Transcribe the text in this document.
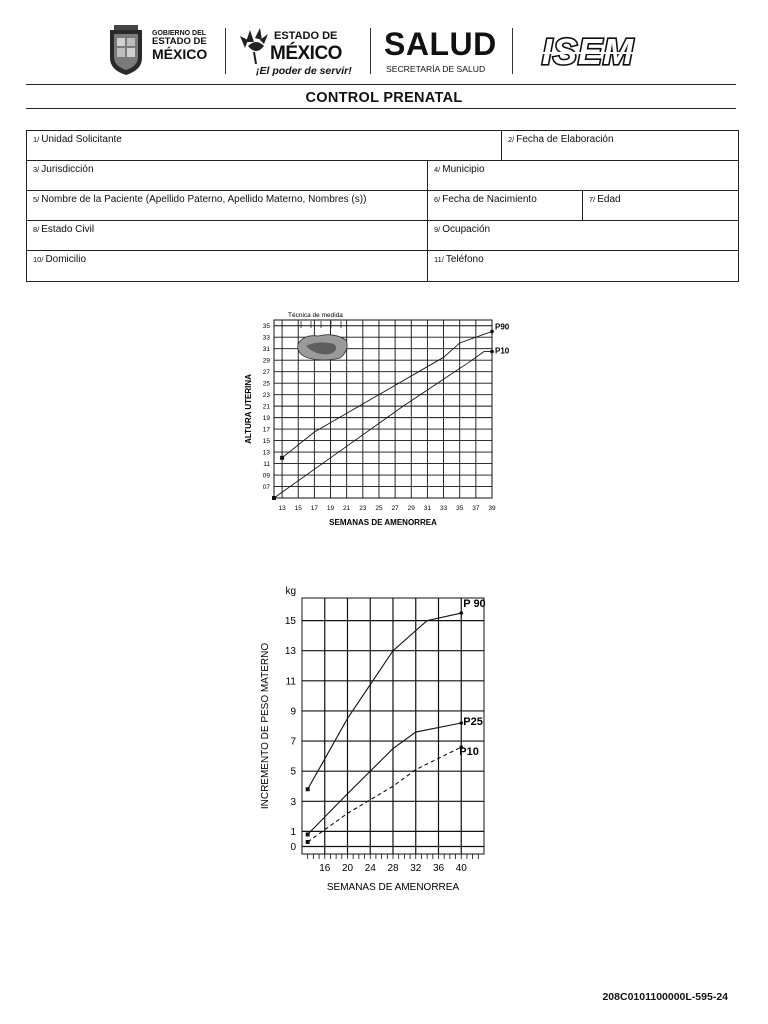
GOBIERNO DEL
ESTADO DE
MÉXICO
ESTADO DE
MÉXICO
¡El poder de servir!
SALUD
SECRETARÍA DE SALUD ISEM
CONTROL PRENATAL
1/ Unidad Solicitante	2/ Fecha de Elaboración
3/ Jurisdicción	4/ Municipio
5/ Nombre de la Paciente (Apellido Paterno, Apellido Materno, Nombres (s))	6/ Fecha de Nacimiento	7/ Edad
8/ Estado Civil	9/ Ocupación
10/ Domicilio	11/ Teléfono
13 15 17 19 21 23 25 27 29 31 33 35 37 39
07
09
11
13
15
17
19
21
23
25
27
29
31
33
35	P90
P10
SEMANAS DE AMENORREA
ALTURA UTERINA
Técnica de medida
16 20 24 28 32 36 40
0
1
3
5
7
9
11
13
15
P 90
P25
P10
SEMANAS DE AMENORREA
INCREMENTO DE PESO MATERNO
kg
208C0101100000L-595-24
